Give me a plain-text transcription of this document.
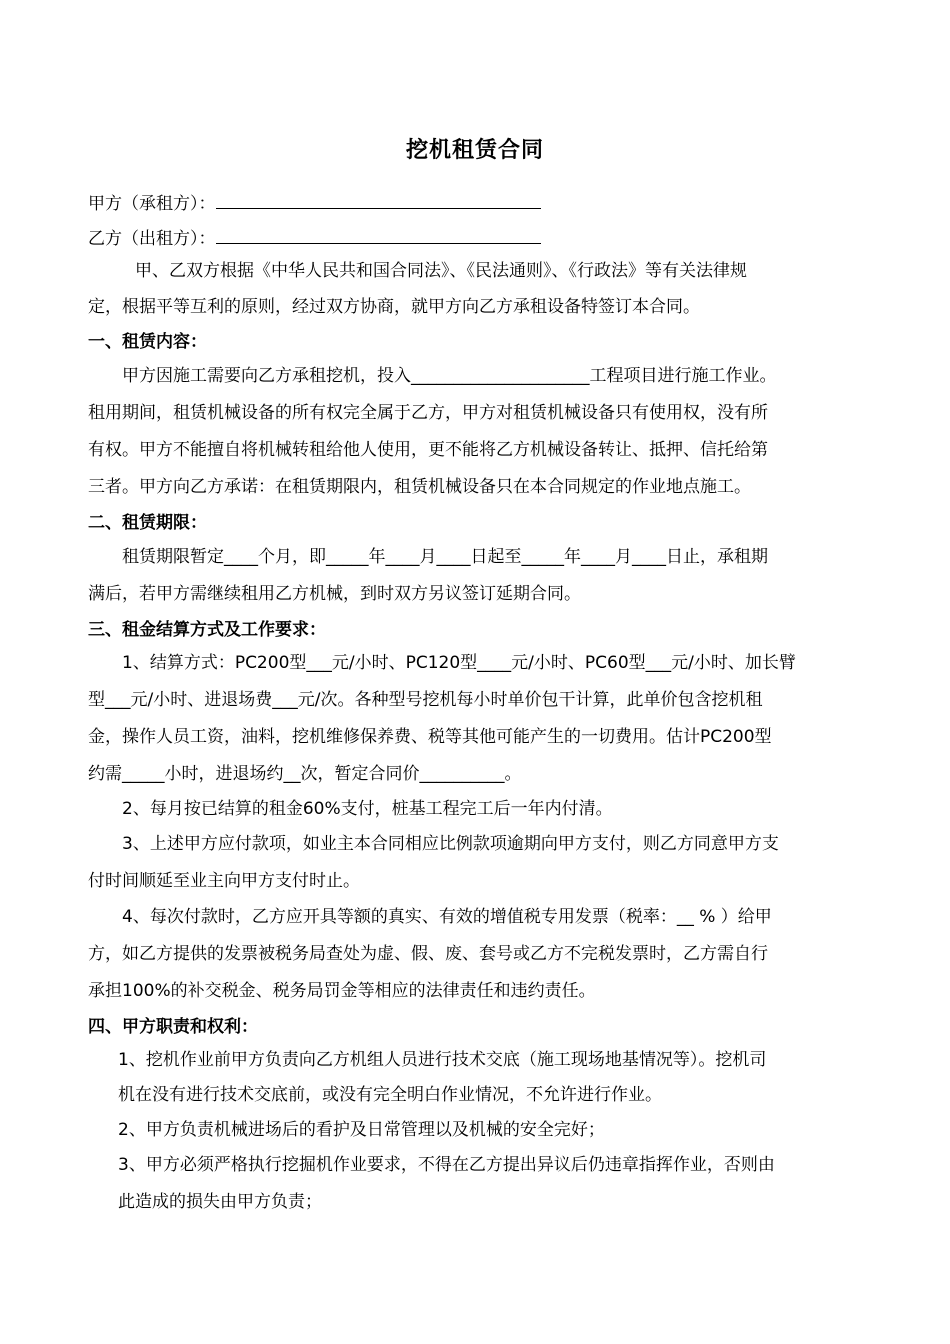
挖机租赁合同
甲方（承租方）：
乙方（出租方）：
甲、乙双方根据《中华人民共和国合同法》、《民法通则》、《行政法》等有关法律规
定，根据平等互利的原则，经过双方协商，就甲方向乙方承租设备特签订本合同。
一、租赁内容：
甲方因施工需要向乙方承租挖机，投入_____________________工程项目进行施工作业。
租用期间，租赁机械设备的所有权完全属于乙方，甲方对租赁机械设备只有使用权，没有所
有权。甲方不能擅自将机械转租给他人使用，更不能将乙方机械设备转让、抵押、信托给第
三者。甲方向乙方承诺：在租赁期限内，租赁机械设备只在本合同规定的作业地点施工。
二、租赁期限：
租赁期限暂定____个月，即_____年____月____日起至_____年____月____日止，承租期
满后，若甲方需继续租用乙方机械，到时双方另议签订延期合同。
三、租金结算方式及工作要求：
1、结算方式：PC200型___元/小时、PC120型____元/小时、PC60型___元/小时、加长臂
型___元/小时、进退场费___元/次。各种型号挖机每小时单价包干计算，此单价包含挖机租
金，操作人员工资，油料，挖机维修保养费、税等其他可能产生的一切费用。估计PC200型
约需_____小时，进退场约__次，暂定合同价__________。
2、每月按已结算的租金60%支付，桩基工程完工后一年内付清。
3、上述甲方应付款项，如业主本合同相应比例款项逾期向甲方支付，则乙方同意甲方支
付时间顺延至业主向甲方支付时止。
4、每次付款时，乙方应开具等额的真实、有效的增值税专用发票（税率：__ % ）给甲
方，如乙方提供的发票被税务局查处为虚、假、废、套号或乙方不完税发票时，乙方需自行
承担100%的补交税金、税务局罚金等相应的法律责任和违约责任。
四、甲方职责和权利：
1、挖机作业前甲方负责向乙方机组人员进行技术交底（施工现场地基情况等）。挖机司
机在没有进行技术交底前，或没有完全明白作业情况，不允许进行作业。
2、甲方负责机械进场后的看护及日常管理以及机械的安全完好；
3、甲方必须严格执行挖掘机作业要求，不得在乙方提出异议后仍违章指挥作业，否则由
此造成的损失由甲方负责；
